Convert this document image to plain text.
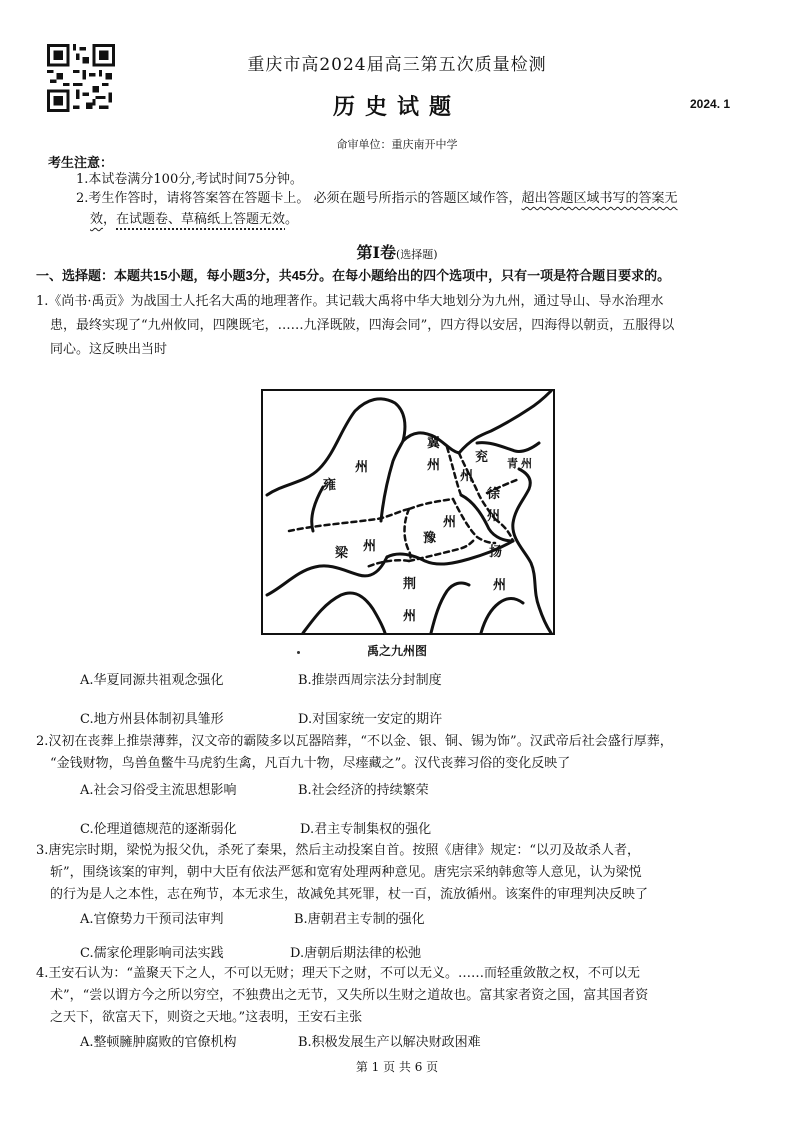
重庆市高2024届高三第五次质量检测
历史试题	2024. 1
命审单位：重庆南开中学
考生注意：
1.本试卷满分100分,考试时间75分钟。
2.考生作答时，请将答案答在答题卡上。 必须在题号所指示的答题区域作答，超出答题区域书写的答案无
效，在试题卷、草稿纸上答题无效。
第Ⅰ卷(选择题)
一、选择题：本题共15小题，每小题3分，共45分。在每小题给出的四个选项中，只有一项是符合题目要求的。
1.《尚书·禹贡》为战国士人托名大禹的地理著作。其记载大禹将中华大地划分为九州，通过导山、导水治理水
患，最终实现了“九州攸同，四隩既宅，……九泽既陂，四海会同”，四方得以安居，四海得以朝贡，五服得以
同心。这反映出当时
州
雍
冀
州
兖
州
青 州
徐
州
州
豫
梁 州	扬
州
荆
州
禹之九州图
A.华夏同源共祖观念强化	B.推崇西周宗法分封制度
C.地方州县体制初具雏形	D.对国家统一安定的期许
2.汉初在丧葬上推崇薄葬，汉文帝的霸陵多以瓦器陪葬，“不以金、银、铜、锡为饰”。汉武帝后社会盛行厚葬，
“金钱财物，鸟兽鱼鳖牛马虎豹生禽，凡百九十物，尽瘗藏之”。汉代丧葬习俗的变化反映了
A.社会习俗受主流思想影响	B.社会经济的持续繁荣
C.伦理道德规范的逐渐弱化	D.君主专制集权的强化
3.唐宪宗时期，梁悦为报父仇，杀死了秦果，然后主动投案自首。按照《唐律》规定：“以刃及故杀人者，
斩”，围绕该案的审判，朝中大臣有依法严惩和宽宥处理两种意见。唐宪宗采纳韩愈等人意见，认为梁悦
的行为是人之本性，志在殉节，本无求生，故减免其死罪，杖一百，流放循州。该案件的审理判决反映了
A.官僚势力干预司法审判	B.唐朝君主专制的强化
C.儒家伦理影响司法实践	D.唐朝后期法律的松弛
4.王安石认为：“盖聚天下之人，不可以无财；理天下之财，不可以无义。……而轻重敛散之权，不可以无
术”，“尝以谓方今之所以穷空，不独费出之无节，又失所以生财之道故也。富其家者资之国，富其国者资
之天下，欲富天下，则资之天地。”这表明，王安石主张
A.整顿臃肿腐败的官僚机构	B.积极发展生产以解决财政困难
第 1 页 共 6 页
